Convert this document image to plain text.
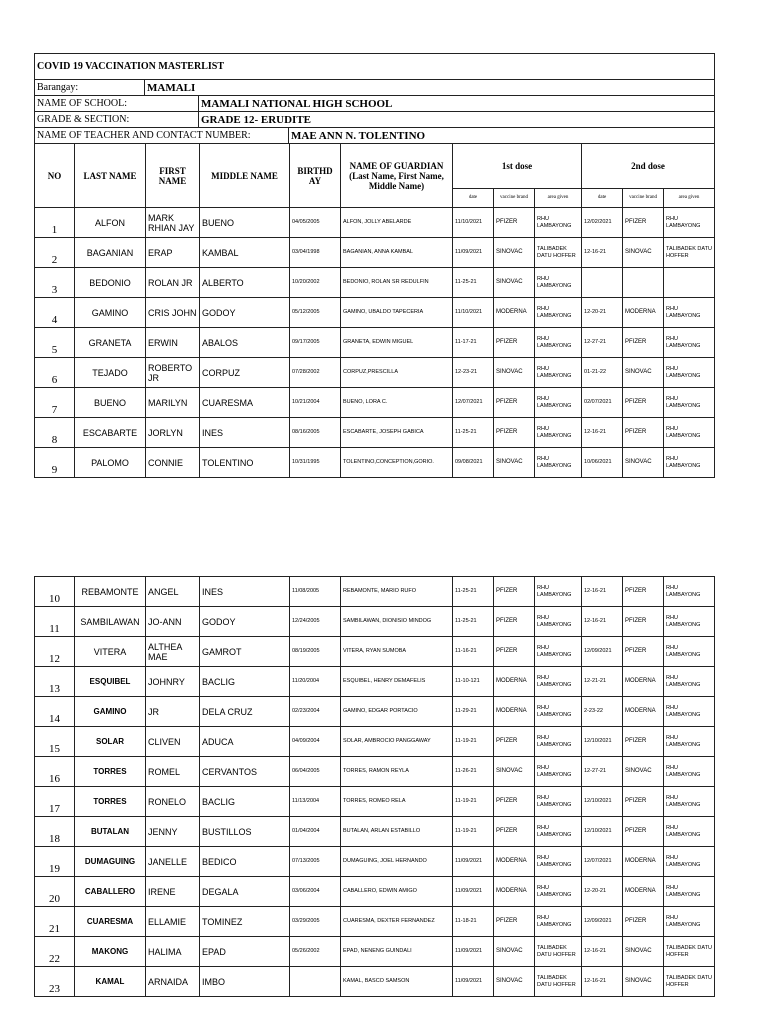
COVID 19 VACCINATION MASTERLIST			
Barangay:	MAMALI		
NAME OF SCHOOL:		MAMALI NATIONAL HIGH SCHOOL	
GRADE & SECTION:		GRADE 12- ERUDITE	
NAME OF TEACHER AND CONTACT NUMBER:			MAE ANN N. TOLENTINO
NO	LAST NAME	FIRST NAME	MIDDLE NAME	BIRTHD AY	NAME OF GUARDIAN (Last Name, First Name, Middle Name)	1st dose			2nd dose		
						date	vaccine brand	area given	date	vaccine brand	area given
1	ALFON	MARK RHIAN JAY	BUENO	04/05/2005	ALFON, JOLLY ABELARDE	11/10/2021	PFIZER	RHU LAMBAYONG	12/02/2021	PFIZER	RHU LAMBAYONG
2	BAGANIAN	ERAP	KAMBAL	03/04/1998	BAGANIAN, ANNA KAMBAL	11/09/2021	SINOVAC	TALIBADEK DATU HOFFER	12-16-21	SINOVAC	TALIBADEK DATU HOFFER
3	BEDONIO	ROLAN JR	ALBERTO	10/20/2002	BEDONIO, ROLAN SR REDULFIN	11-25-21	SINOVAC	RHU LAMBAYONG			
4	GAMINO	CRIS JOHN	GODOY	05/12/2005	GAMINO, UBALDO TAPECERIA	11/10/2021	MODERNA	RHU LAMBAYONG	12-20-21	MODERNA	RHU LAMBAYONG
5	GRANETA	ERWIN	ABALOS	09/17/2005	GRANETA, EDWIN MIGUEL	11-17-21	PFIZER	RHU LAMBAYONG	12-27-21	PFIZER	RHU LAMBAYONG
6	TEJADO	ROBERTO JR	CORPUZ	07/28/2002	CORPUZ,PRESCILLA	12-23-21	SINOVAC	RHU LAMBAYONG	01-21-22	SINOVAC	RHU LAMBAYONG
7	BUENO	MARILYN	CUARESMA	10/21/2004	BUENO, LORA C.	12/07/2021	PFIZER	RHU LAMBAYONG	02/07/2021	PFIZER	RHU LAMBAYONG
8	ESCABARTE	JORLYN	INES	08/16/2005	ESCABARTE, JOSEPH GABICA	11-25-21	PFIZER	RHU LAMBAYONG	12-16-21	PFIZER	RHU LAMBAYONG
9	PALOMO	CONNIE	TOLENTINO	10/31/1995	TOLENTINO,CONCEPTION,GORIO.	09/08/2021	SINOVAC	RHU LAMBAYONG	10/06/2021	SINOVAC	RHU LAMBAYONG
10	REBAMONTE	ANGEL	INES	11/08/2005	REBAMONTE, MARIO RUFO	11-25-21	PFIZER	RHU LAMBAYONG	12-16-21	PFIZER	RHU LAMBAYONG
11	SAMBILAWAN	JO-ANN	GODOY	12/24/2005	SAMBILAWAN, DIONISIO MINDOG	11-25-21	PFIZER	RHU LAMBAYONG	12-16-21	PFIZER	RHU LAMBAYONG
12	VITERA	ALTHEA MAE	GAMROT	08/19/2005	VITERA, RYAN SUMOBA	11-16-21	PFIZER	RHU LAMBAYONG	12/09/2021	PFIZER	RHU LAMBAYONG
13	ESQUIBEL	JOHNRY	BACLIG	11/20/2004	ESQUIBEL, HENRY DEMAFELIS	11-10-121	MODERNA	RHU LAMBAYONG	12-21-21	MODERNA	RHU LAMBAYONG
14	GAMINO	JR	DELA CRUZ	02/23/2004	GAMINO, EDGAR PORTACIO	11-29-21	MODERNA	RHU LAMBAYONG	2-23-22	MODERNA	RHU LAMBAYONG
15	SOLAR	CLIVEN	ADUCA	04/09/2004	SOLAR, AMBROCIO PANGGAWAY	11-19-21	PFIZER	RHU LAMBAYONG	12/10/2021	PFIZER	RHU LAMBAYONG
16	TORRES	ROMEL	CERVANTOS	06/04/2005	TORRES, RAMON REYLA	11-26-21	SINOVAC	RHU LAMBAYONG	12-27-21	SINOVAC	RHU LAMBAYONG
17	TORRES	RONELO	BACLIG	11/13/2004	TORRES, ROMEO RELA	11-19-21	PFIZER	RHU LAMBAYONG	12/10/2021	PFIZER	RHU LAMBAYONG
18	BUTALAN	JENNY	BUSTILLOS	01/04/2004	BUTALAN, ARLAN ESTABILLO	11-19-21	PFIZER	RHU LAMBAYONG	12/10/2021	PFIZER	RHU LAMBAYONG
19	DUMAGUING	JANELLE	BEDICO	07/13/2005	DUMAGUING, JOEL HERNANDO	11/09/2021	MODERNA	RHU LAMBAYONG	12/07/2021	MODERNA	RHU LAMBAYONG
20	CABALLERO	IRENE	DEGALA	03/06/2004	CABALLERO, EDWIN AMIGO	11/09/2021	MODERNA	RHU LAMBAYONG	12-20-21	MODERNA	RHU LAMBAYONG
21	CUARESMA	ELLAMIE	TOMINEZ	03/29/2005	CUARESMA, DEXTER FERNANDEZ	11-18-21	PFIZER	RHU LAMBAYONG	12/09/2021	PFIZER	RHU LAMBAYONG
22	MAKONG	HALIMA	EPAD	05/26/2002	EPAD, NENENG GUINDALI	11/09/2021	SINOVAC	TALIBADEK DATU HOFFER	12-16-21	SINOVAC	TALIBADEK DATU HOFFER
23	KAMAL	ARNAIDA	IMBO		KAMAL, BASCO SAMSON	11/09/2021	SINOVAC	TALIBADEK DATU HOFFER	12-16-21	SINOVAC	TALIBADEK DATU HOFFER
